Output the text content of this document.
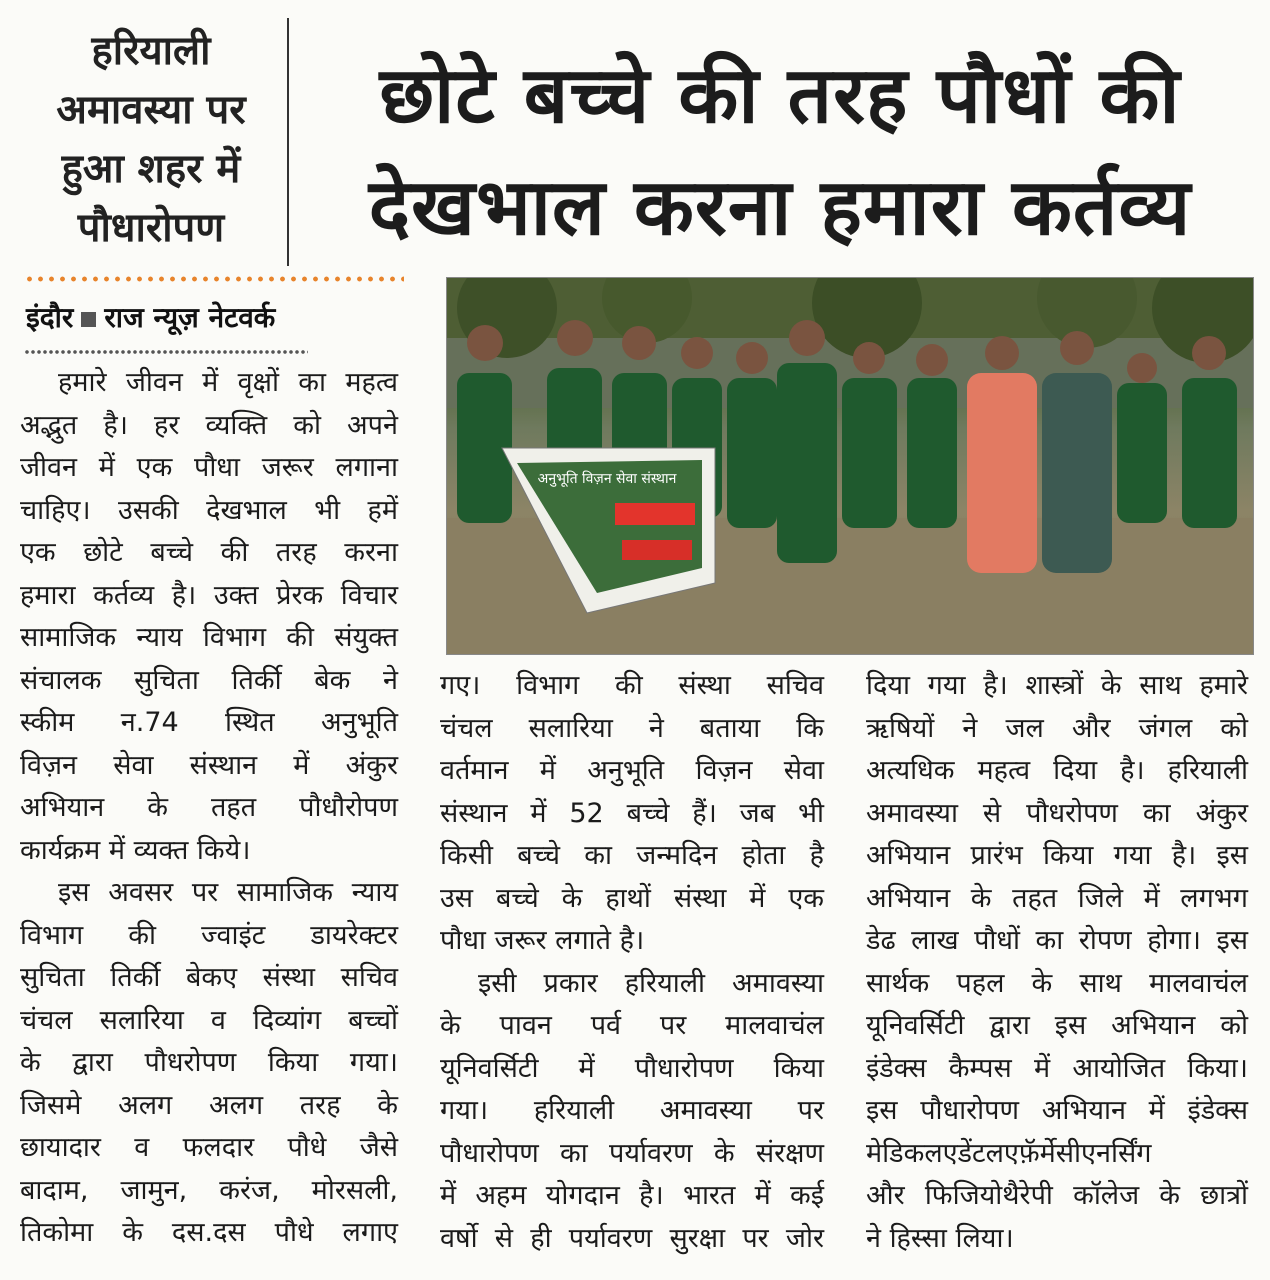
हरियाली
अमावस्या पर
हुआ शहर में
पौधारोपण
छोटे बच्चे की तरह पौधों की
देखभाल करना हमारा कर्तव्य
इंदौर राज न्यूज़ नेटवर्क
हमारे जीवन में वृक्षों का महत्व
अद्भुत है। हर व्यक्ति को अपने
जीवन में एक पौधा जरूर लगाना
चाहिए। उसकी देखभाल भी हमें
एक छोटे बच्चे की तरह करना
हमारा कर्तव्य है। उक्त प्रेरक विचार
सामाजिक न्याय विभाग की संयुक्त
संचालक सुचिता तिर्की बेक ने
स्कीम न.74 स्थित अनुभूति
विज़न सेवा संस्थान में अंकुर
अभियान के तहत पौधौरोपण
कार्यक्रम में व्यक्त किये।
इस अवसर पर सामाजिक न्याय
विभाग की ज्वाइंट डायरेक्टर
सुचिता तिर्की बेकए संस्था सचिव
चंचल सलारिया व दिव्यांग बच्चों
के द्वारा पौधरोपण किया गया।
जिसमे अलग अलग तरह के
छायादार व फलदार पौधे जैसे
बादाम, जामुन, करंज, मोरसली,
तिकोमा के दस.दस पौधे लगाए
अनुभूति विज़न सेवा संस्थान
गए। विभाग की संस्था सचिव
चंचल सलारिया ने बताया कि
वर्तमान में अनुभूति विज़न सेवा
संस्थान में 52 बच्चे हैं। जब भी
किसी बच्चे का जन्मदिन होता है
उस बच्चे के हाथों संस्था में एक
पौधा जरूर लगाते है।
इसी प्रकार हरियाली अमावस्या
के पावन पर्व पर मालवाचंल
यूनिवर्सिटी में पौधारोपण किया
गया। हरियाली अमावस्या पर
पौधारोपण का पर्यावरण के संरक्षण
में अहम योगदान है। भारत में कई
वर्षो से ही पर्यावरण सुरक्षा पर जोर
दिया गया है। शास्त्रों के साथ हमारे
ऋषियों ने जल और जंगल को
अत्यधिक महत्व दिया है। हरियाली
अमावस्या से पौधरोपण का अंकुर
अभियान प्रारंभ किया गया है। इस
अभियान के तहत जिले में लगभग
डेढ लाख पौधों का रोपण होगा। इस
सार्थक पहल के साथ मालवाचंल
यूनिवर्सिटी द्वारा इस अभियान को
इंडेक्स कैम्पस में आयोजित किया।
इस पौधारोपण अभियान में इंडेक्स
मेडिकलएडेंटलएफ़ॅर्मेसीएनर्सिंग
और फिजियोथैरेपी कॉलेज के छात्रों
ने हिस्सा लिया।
